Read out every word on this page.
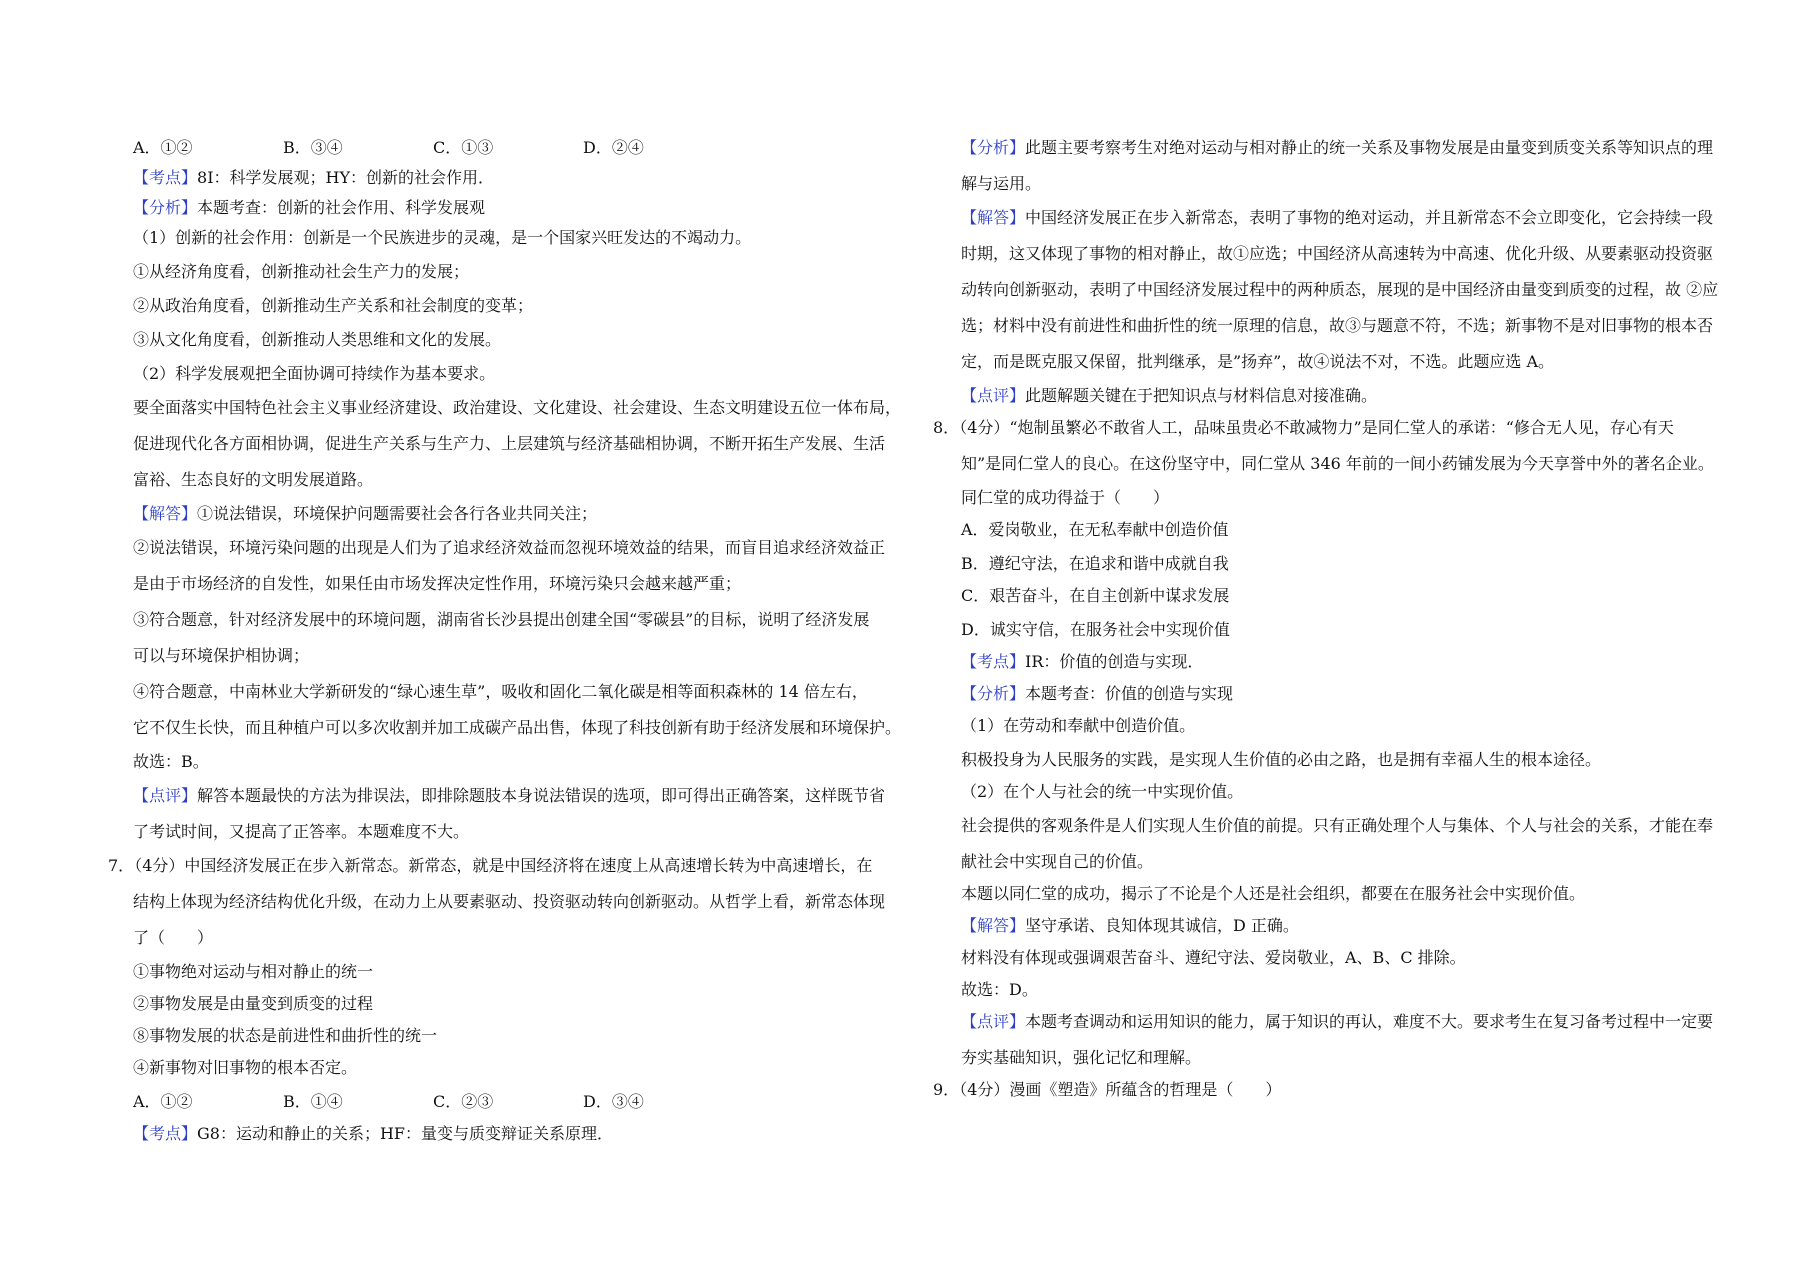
A．①②	B．③④	C．①③	D．②④
【考点】8I：科学发展观；HY：创新的社会作用．
【分析】本题考查：创新的社会作用、科学发展观
（1）创新的社会作用：创新是一个民族进步的灵魂，是一个国家兴旺发达的不竭动力。
①从经济角度看，创新推动社会生产力的发展；
②从政治角度看，创新推动生产关系和社会制度的变革；
③从文化角度看，创新推动人类思维和文化的发展。
（2）科学发展观把全面协调可持续作为基本要求。
要全面落实中国特色社会主义事业经济建设、政治建设、文化建设、社会建设、生态文明建设五位一体布局，
促进现代化各方面相协调，促进生产关系与生产力、上层建筑与经济基础相协调，不断开拓生产发展、生活
富裕、生态良好的文明发展道路。
【解答】①说法错误，环境保护问题需要社会各行各业共同关注；
②说法错误，环境污染问题的出现是人们为了追求经济效益而忽视环境效益的结果，而盲目追求经济效益正
是由于市场经济的自发性，如果任由市场发挥决定性作用，环境污染只会越来越严重；
③符合题意，针对经济发展中的环境问题，湖南省长沙县提出创建全国“零碳县”的目标，说明了经济发展
可以与环境保护相协调；
④符合题意，中南林业大学新研发的“绿心速生草”，吸收和固化二氧化碳是相等面积森林的 14 倍左右，
它不仅生长快，而且种植户可以多次收割并加工成碳产品出售，体现了科技创新有助于经济发展和环境保护。
故选：B。
【点评】解答本题最快的方法为排误法，即排除题肢本身说法错误的选项，即可得出正确答案，这样既节省
了考试时间，又提高了正答率。本题难度不大。
7．（4分）中国经济发展正在步入新常态。新常态，就是中国经济将在速度上从高速增长转为中高速增长，在
结构上体现为经济结构优化升级，在动力上从要素驱动、投资驱动转向创新驱动。从哲学上看，新常态体现
了（　　）
①事物绝对运动与相对静止的统一
②事物发展是由量变到质变的过程
⑧事物发展的状态是前进性和曲折性的统一
④新事物对旧事物的根本否定。
A．①②	B．①④	C．②③	D．③④
【考点】G8：运动和静止的关系；HF：量变与质变辩证关系原理．
【分析】此题主要考察考生对绝对运动与相对静止的统一关系及事物发展是由量变到质变关系等知识点的理
解与运用。
【解答】中国经济发展正在步入新常态，表明了事物的绝对运动，并且新常态不会立即变化，它会持续一段
时期，这又体现了事物的相对静止，故①应选；中国经济从高速转为中高速、优化升级、从要素驱动投资驱
动转向创新驱动，表明了中国经济发展过程中的两种质态，展现的是中国经济由量变到质变的过程，故 ②应
选；材料中没有前进性和曲折性的统一原理的信息，故③与题意不符，不选；新事物不是对旧事物的根本否
定，而是既克服又保留，批判继承，是”扬弃”，故④说法不对，不选。此题应选 A。
【点评】此题解题关键在于把知识点与材料信息对接准确。
8．（4分）“炮制虽繁必不敢省人工，品味虽贵必不敢减物力”是同仁堂人的承诺：“修合无人见，存心有天
知”是同仁堂人的良心。在这份坚守中，同仁堂从 346 年前的一间小药铺发展为今天享誉中外的著名企业。
同仁堂的成功得益于（　　）
A．爱岗敬业，在无私奉献中创造价值
B．遵纪守法，在追求和谐中成就自我
C．艰苦奋斗，在自主创新中谋求发展
D．诚实守信，在服务社会中实现价值
【考点】IR：价值的创造与实现．
【分析】本题考查：价值的创造与实现
（1）在劳动和奉献中创造价值。
积极投身为人民服务的实践，是实现人生价值的必由之路，也是拥有幸福人生的根本途径。
（2）在个人与社会的统一中实现价值。
社会提供的客观条件是人们实现人生价值的前提。只有正确处理个人与集体、个人与社会的关系，才能在奉
献社会中实现自己的价值。
本题以同仁堂的成功，揭示了不论是个人还是社会组织，都要在在服务社会中实现价值。
【解答】坚守承诺、良知体现其诚信，D 正确。
材料没有体现或强调艰苦奋斗、遵纪守法、爱岗敬业，A、B、C 排除。
故选：D。
【点评】本题考查调动和运用知识的能力，属于知识的再认，难度不大。要求考生在复习备考过程中一定要
夯实基础知识，强化记忆和理解。
9．（4分）漫画《塑造》所蕴含的哲理是（　　）
